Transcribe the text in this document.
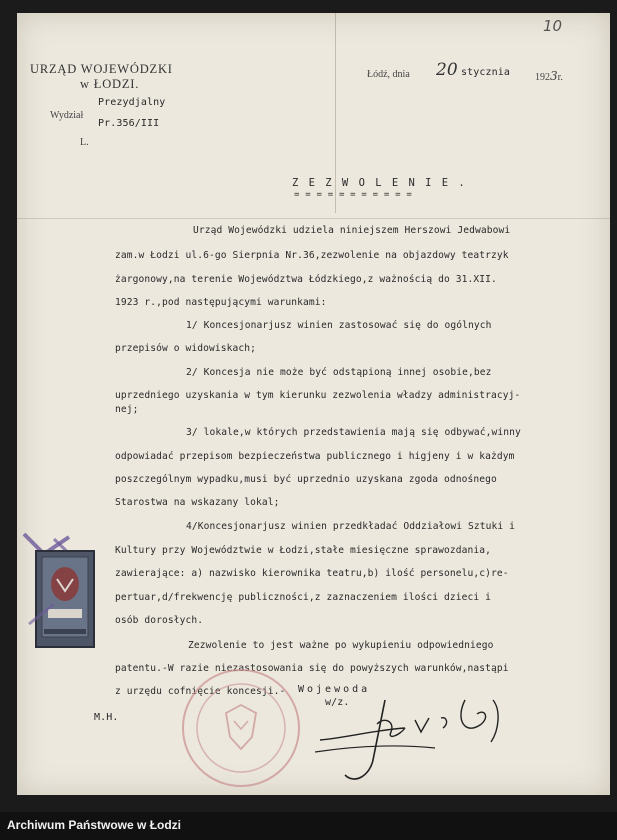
URZĄD WOJEWÓDZKI
w ŁODZI.
Wydział
Prezydjalny
Pr.356/III
L.
Łódź, dnia 20 stycznia	1923r.
10
Z E Z W O L E N I E .
= = = = = = = = = = =
Urząd Wojewódzki udziela niniejszem Herszowi Jedwabowi
zam.w Łodzi ul.6-go Sierpnia Nr.36,zezwolenie na objazdowy teatrzyk
żargonowy,na terenie Województwa Łódzkiego,z ważnością do 31.XII.
1923 r.,pod następującymi warunkami:
1/ Koncesjonarjusz winien zastosować się do ogólnych
przepisów o widowiskach;
2/ Koncesja nie może być odstąpioną innej osobie,bez
uprzedniego uzyskania w tym kierunku zezwolenia władzy administracyj-
nej;
3/ lokale,w których przedstawienia mają się odbywać,winny
odpowiadać przepisom bezpieczeństwa publicznego i higjeny i w każdym
poszczególnym wypadku,musi być uprzednio uzyskana zgoda odnośnego
Starostwa na wskazany lokal;
4/Koncesjonarjusz winien przedkładać Oddziałowi Sztuki i
Kultury przy Województwie w Łodzi,stałe miesięczne sprawozdania,
zawierające: a) nazwisko kierownika teatru,b) ilość personelu,c)re-
pertuar,d/frekwencję publiczności,z zaznaczeniem ilości dzieci i
osób dorosłych.
Zezwolenie to jest ważne po wykupieniu odpowiedniego
patentu.-W razie niezastosowania się do powyższych warunków,nastąpi
z urzędu cofnięcie koncesji.- Wojewoda
w/z.
M.H.
Archiwum Państwowe w Łodzi
